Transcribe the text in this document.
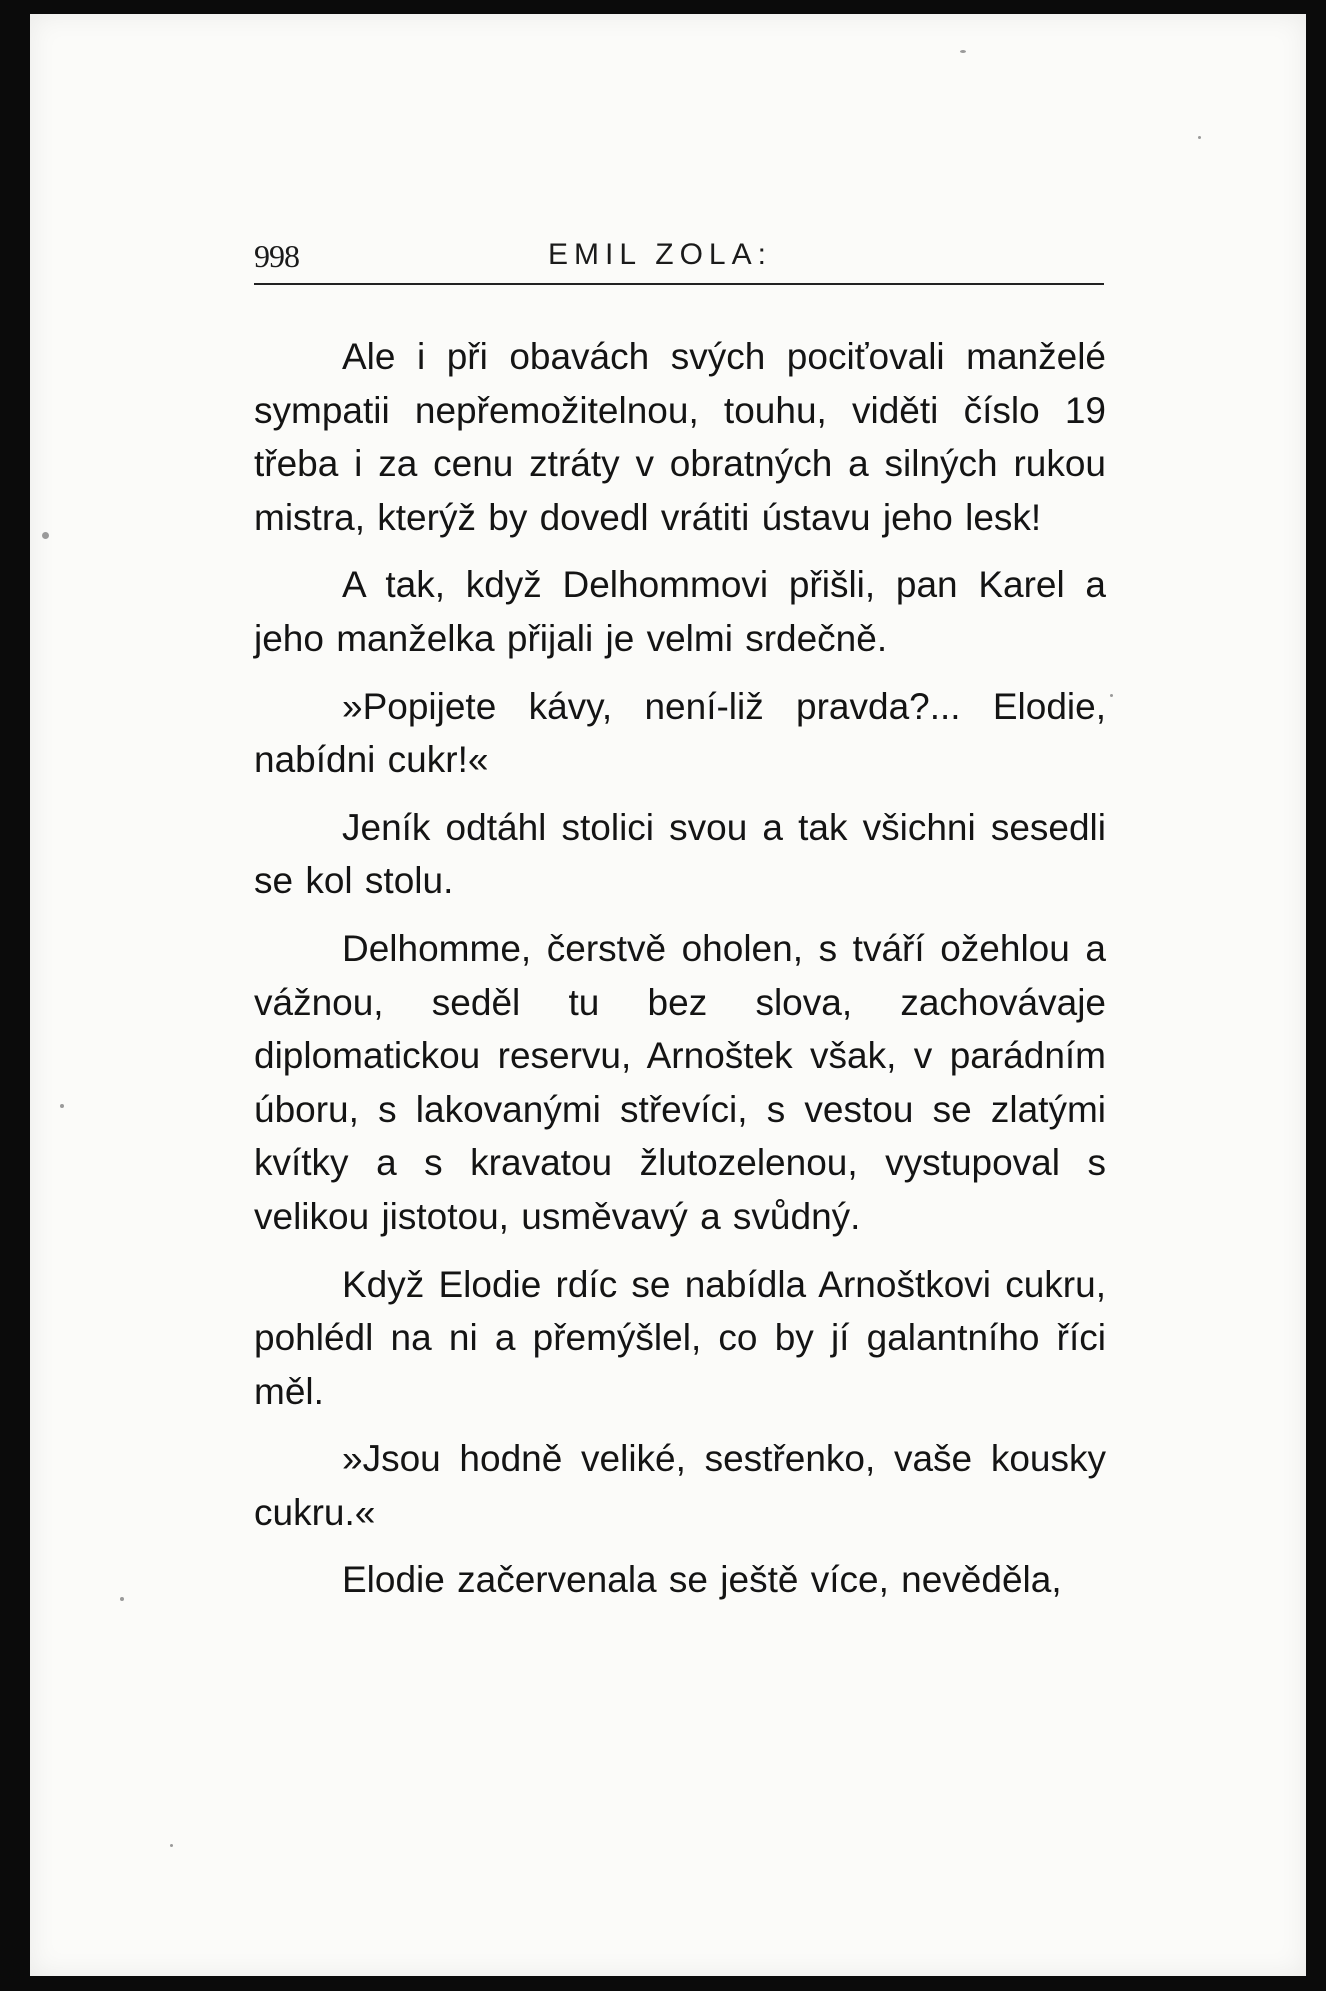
998	EMIL ZOLA:

Ale i při obavách svých pociťovali manželé sympatii nepřemožitelnou, touhu, viděti číslo 19 třeba i za cenu ztráty v obratných a silných rukou mistra, kterýž by dovedl vrátiti ústavu jeho lesk!

A tak, když Delhommovi přišli, pan Karel a jeho manželka přijali je velmi srdečně.

»Popijete kávy, není-liž pravda?... Elodie, nabídni cukr!«

Jeník odtáhl stolici svou a tak všichni sesedli se kol stolu.

Delhomme, čerstvě oholen, s tváří ožehlou a vážnou, seděl tu bez slova, zachovávaje diplomatickou reservu, Arnoštek však, v parádním úboru, s lakovanými střevíci, s vestou se zlatými kvítky a s kravatou žlutozelenou, vystupoval s velikou jistotou, usměvavý a svůdný.

Když Elodie rdíc se nabídla Arnoštkovi cukru, pohlédl na ni a přemýšlel, co by jí galantního říci měl.

»Jsou hodně veliké, sestřenko, vaše kousky cukru.«

Elodie začervenala se ještě více, nevěděla,
